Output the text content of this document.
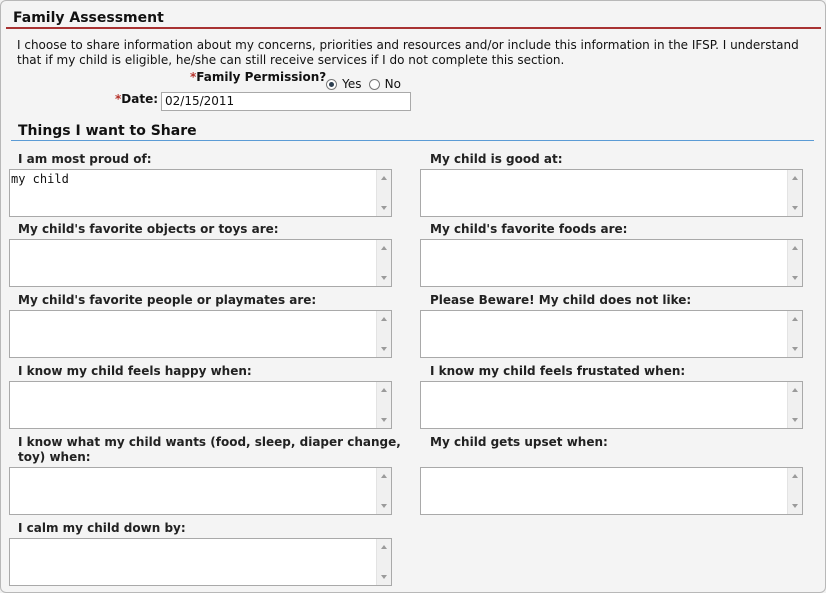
Family Assessment
I choose to share information about my concerns, priorities and resources and/or include this information in the IFSP. I understand that if my child is eligible, he/she can still receive services if I do not complete this section.
*Family Permission?	Yes No
*Date: 02/15/2011
Things I want to Share
I am most proud of:
my child
My child's favorite objects or toys are:
My child's favorite people or playmates are:
I know my child feels happy when:
I know what my child wants (food, sleep, diaper change, toy) when:
I calm my child down by:
My child is good at:
My child's favorite foods are:
Please Beware! My child does not like:
I know my child feels frustated when:
My child gets upset when:
